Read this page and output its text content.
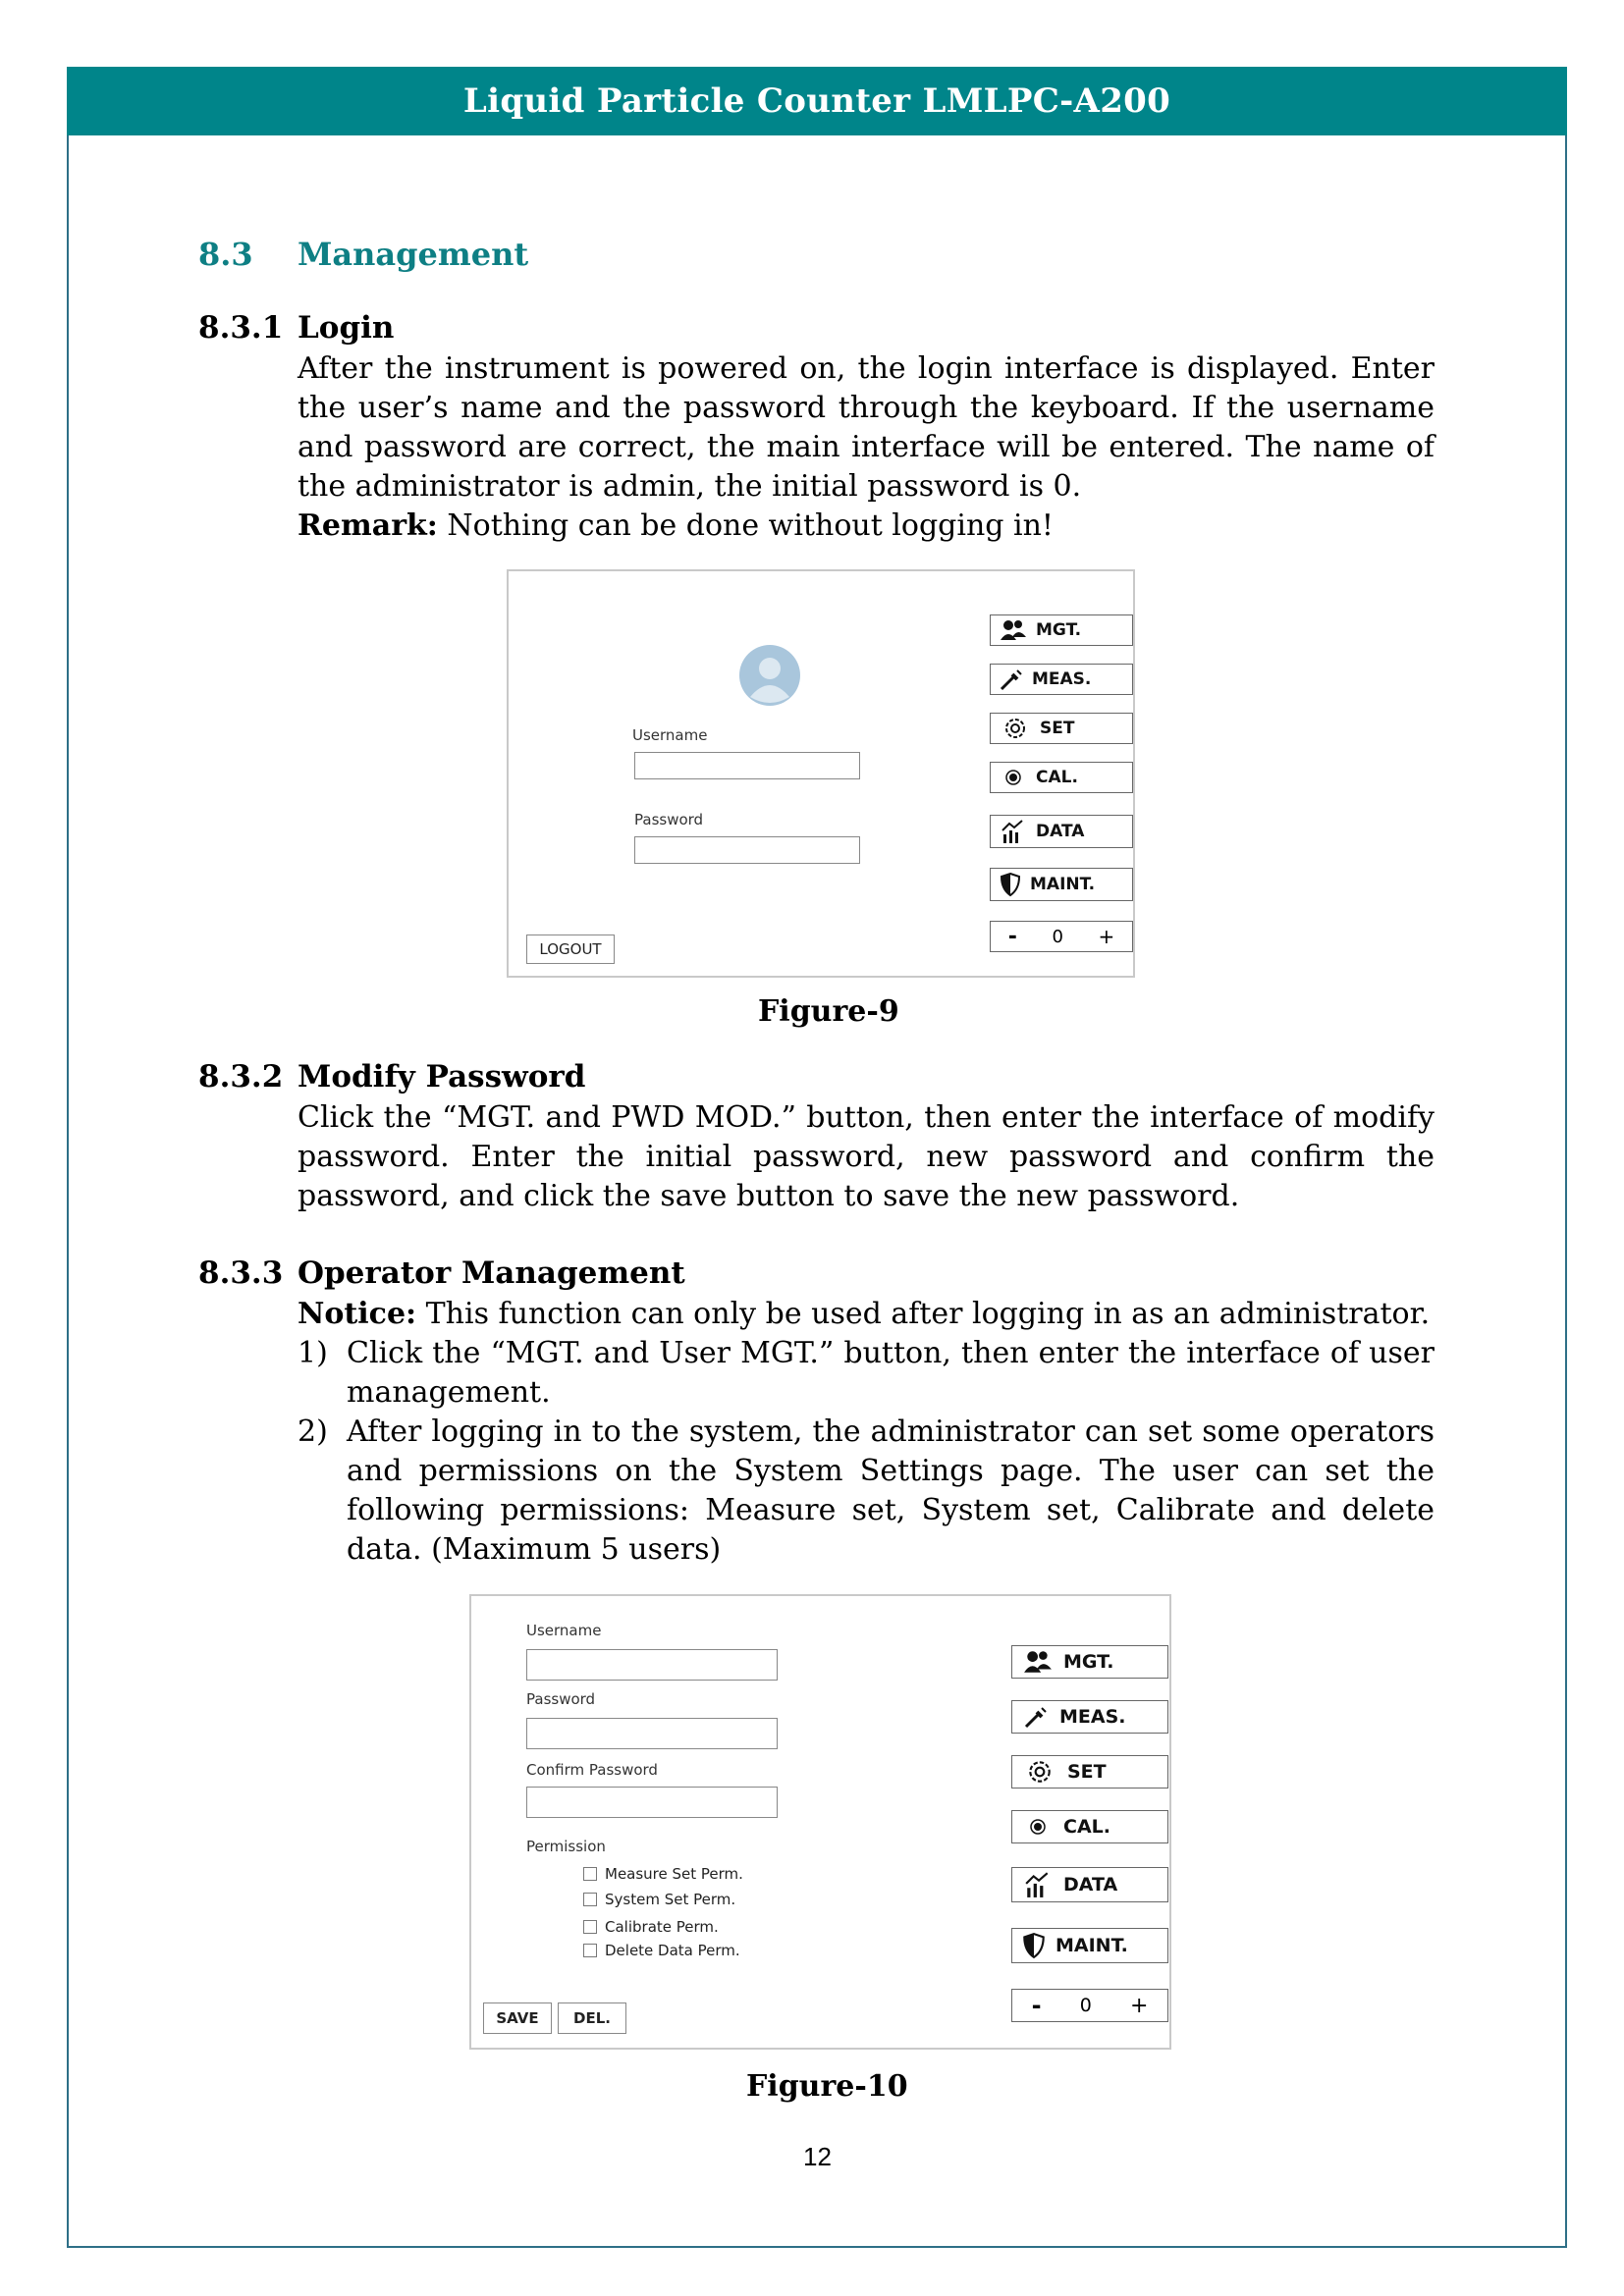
Liquid Particle Counter LMLPC-A200
8.3 Management
8.3.1 Login
After the instrument is powered on, the login interface is displayed. Enter the user’s name and the password through the keyboard. If the username and password are correct, the main interface will be entered. The name of the administrator is admin, the initial password is 0.
Remark: Nothing can be done without logging in!
Username
Password
LOGOUT
MGT.
MEAS.
SET
CAL.
DATA
MAINT.
- 0 +
Figure-9
8.3.2 Modify Password
Click the “MGT. and PWD MOD.” button, then enter the interface of modify password. Enter the initial password, new password and confirm the password, and click the save button to save the new password.
8.3.3 Operator Management
Notice: This function can only be used after logging in as an administrator.
1) Click the “MGT. and User MGT.” button, then enter the interface of user management.
2) After logging in to the system, the administrator can set some operators and permissions on the System Settings page. The user can set the following permissions: Measure set, System set, Calibrate and delete data. (Maximum 5 users)
Username
Password
Confirm Password
Permission
Measure Set Perm.
System Set Perm.
Calibrate Perm.
Delete Data Perm.
SAVE	DEL.
MGT.
MEAS.
SET
CAL.
DATA
MAINT.
- 0 +
Figure-10
12
